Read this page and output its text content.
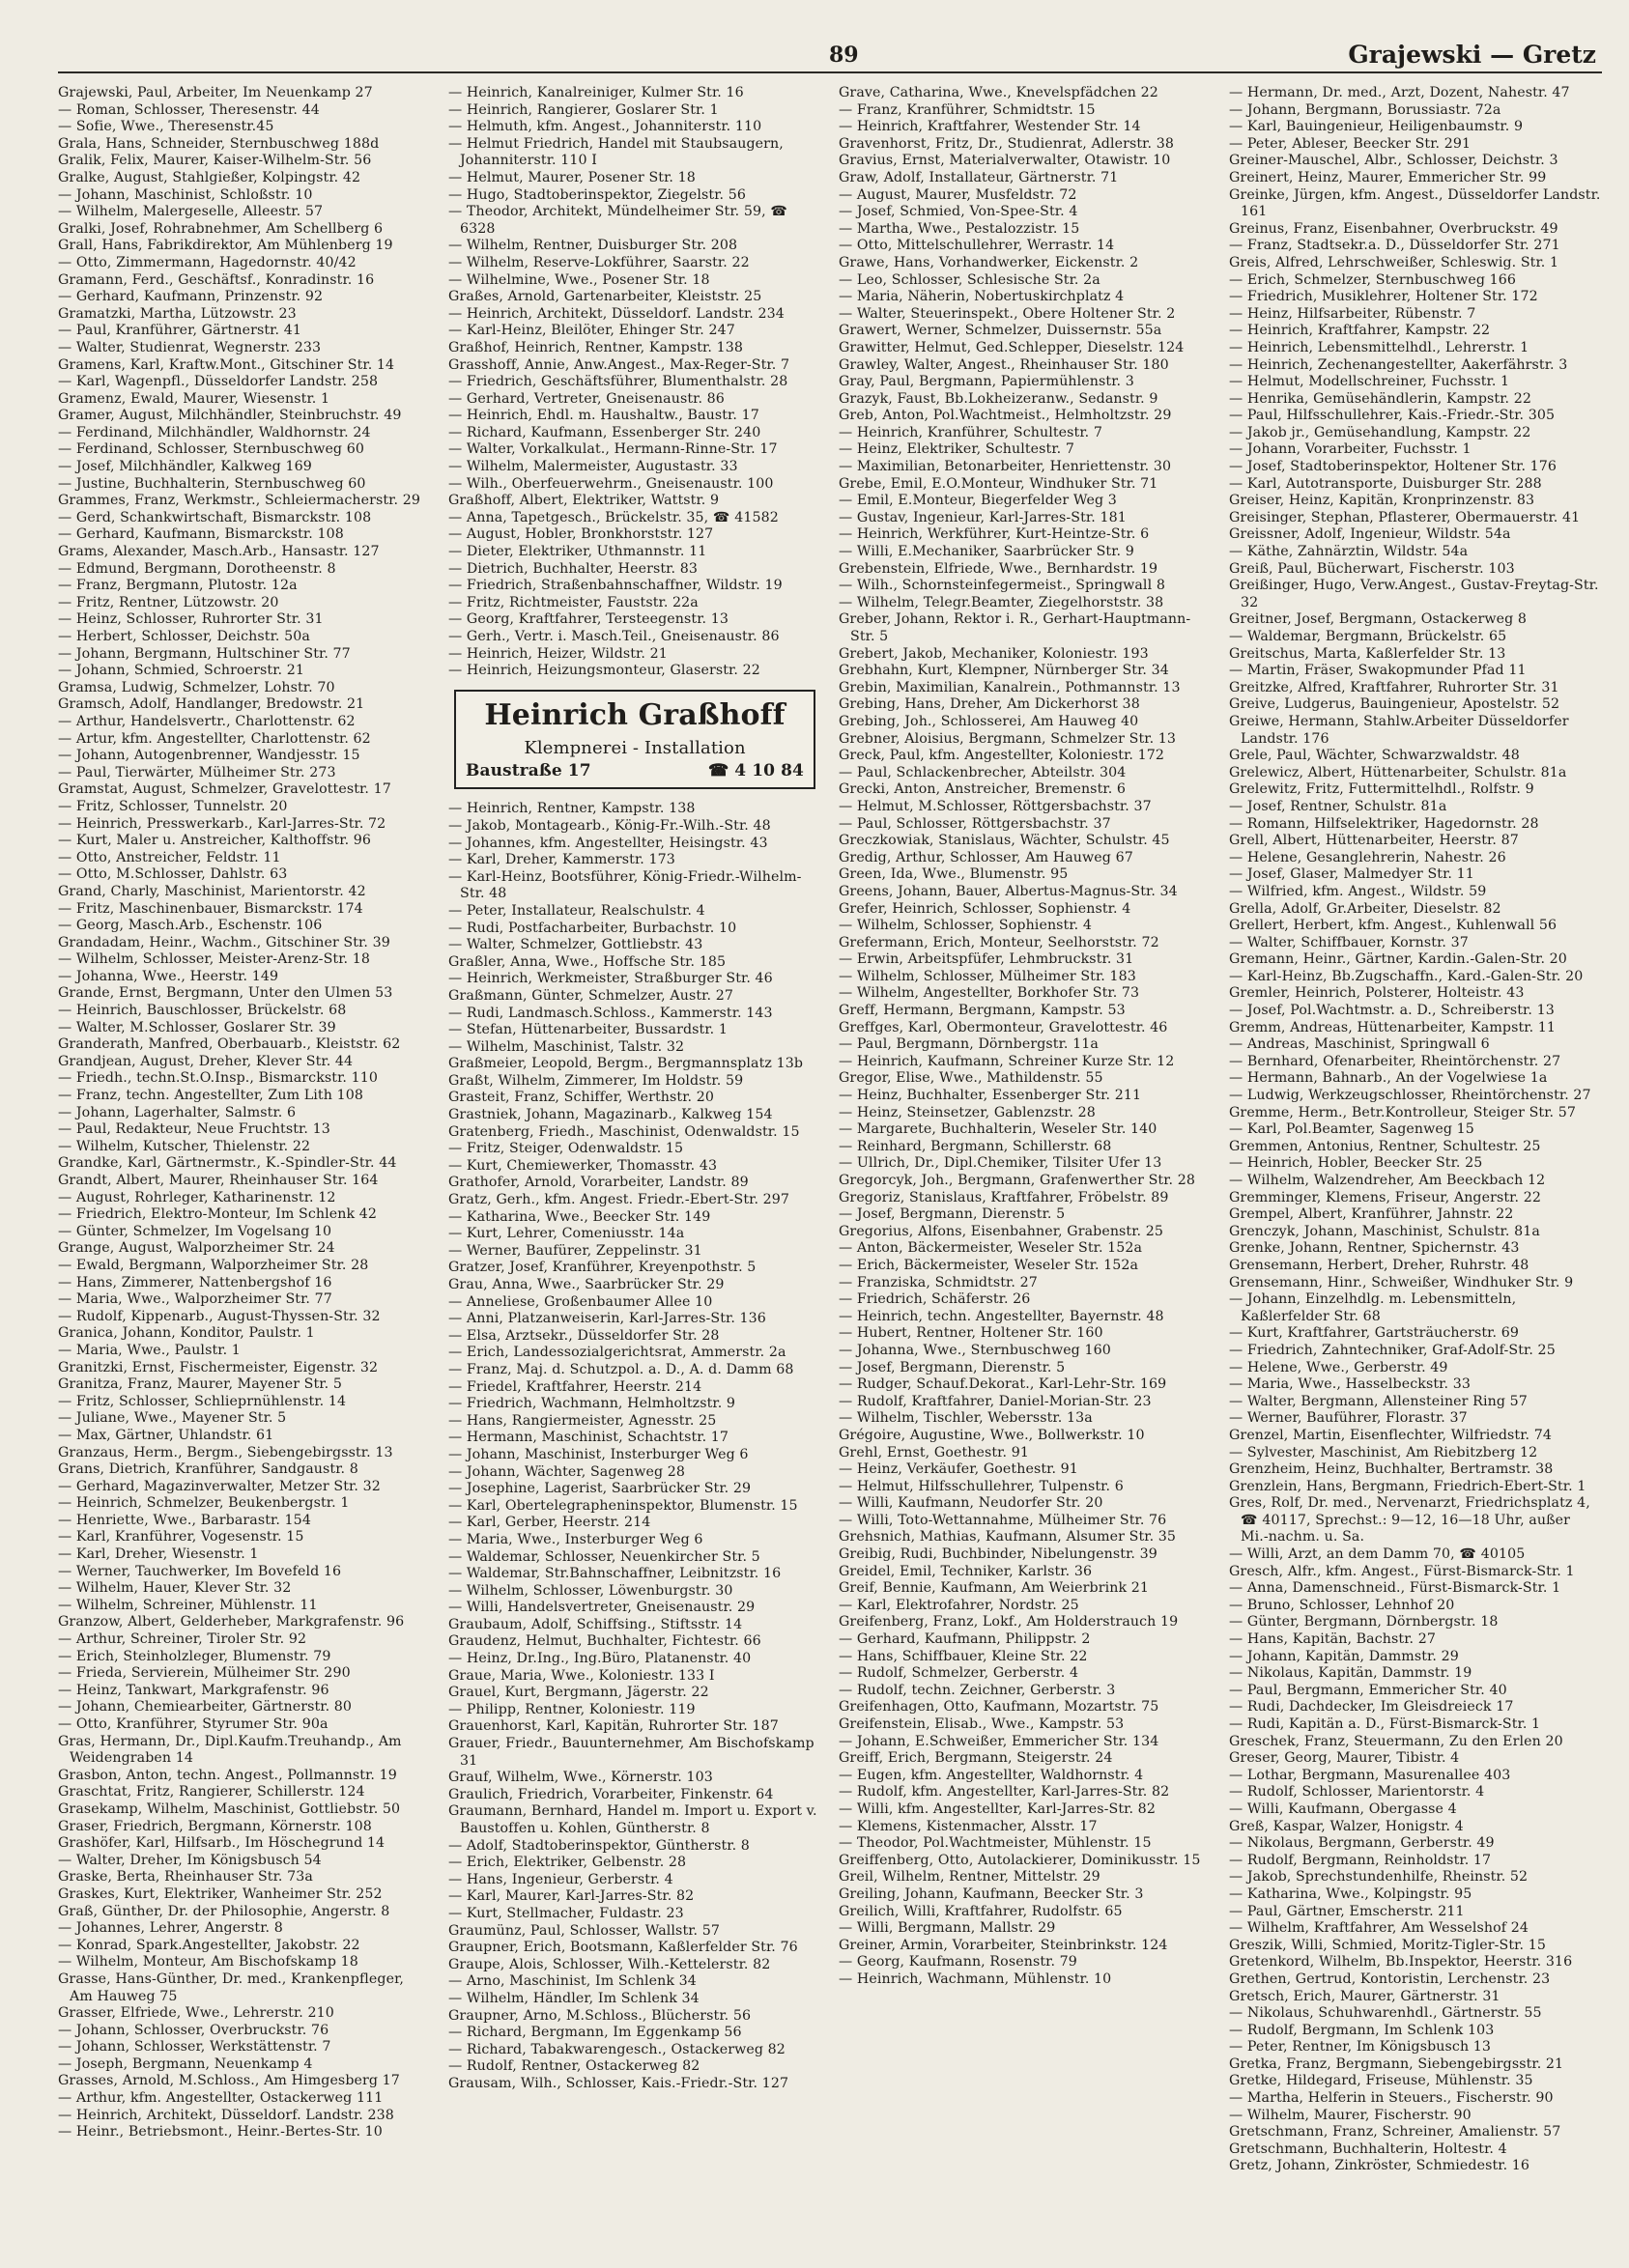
89	Grajewski — Gretz

Grajewski, Paul, Arbeiter, Im Neuenkamp 27

— Roman, Schlosser, Theresenstr. 44

— Sofie, Wwe., Theresenstr.45

Grala, Hans, Schneider, Sternbuschweg 188d

Gralik, Felix, Maurer, Kaiser-Wilhelm-Str. 56

Gralke, August, Stahlgießer, Kolpingstr. 42

— Johann, Maschinist, Schloßstr. 10

— Wilhelm, Malergeselle, Alleestr. 57

Gralki, Josef, Rohrabnehmer, Am Schellberg 6

Grall, Hans, Fabrikdirektor, Am Mühlenberg 19

— Otto, Zimmermann, Hagedornstr. 40/42

Gramann, Ferd., Geschäftsf., Konradinstr. 16

— Gerhard, Kaufmann, Prinzenstr. 92

Gramatzki, Martha, Lützowstr. 23

— Paul, Kranführer, Gärtnerstr. 41

— Walter, Studienrat, Wegnerstr. 233

Gramens, Karl, Kraftw.Mont., Gitschiner Str. 14

— Karl, Wagenpfl., Düsseldorfer Landstr. 258

Gramenz, Ewald, Maurer, Wiesenstr. 1

Gramer, August, Milchhändler, Steinbruchstr. 49

— Ferdinand, Milchhändler, Waldhornstr. 24

— Ferdinand, Schlosser, Sternbuschweg 60

— Josef, Milchhändler, Kalkweg 169

— Justine, Buchhalterin, Sternbuschweg 60

Grammes, Franz, Werkmstr., Schleiermacherstr. 29

— Gerd, Schankwirtschaft, Bismarckstr. 108

— Gerhard, Kaufmann, Bismarckstr. 108

Grams, Alexander, Masch.Arb., Hansastr. 127

— Edmund, Bergmann, Dorotheenstr. 8

— Franz, Bergmann, Plutostr. 12a

— Fritz, Rentner, Lützowstr. 20

— Heinz, Schlosser, Ruhrorter Str. 31

— Herbert, Schlosser, Deichstr. 50a

— Johann, Bergmann, Hultschiner Str. 77

— Johann, Schmied, Schroerstr. 21

Gramsa, Ludwig, Schmelzer, Lohstr. 70

Gramsch, Adolf, Handlanger, Bredowstr. 21

— Arthur, Handelsvertr., Charlottenstr. 62

— Artur, kfm. Angestellter, Charlottenstr. 62

— Johann, Autogenbrenner, Wandjesstr. 15

— Paul, Tierwärter, Mülheimer Str. 273

Gramstat, August, Schmelzer, Gravelottestr. 17

— Fritz, Schlosser, Tunnelstr. 20

— Heinrich, Presswerkarb., Karl-Jarres-Str. 72

— Kurt, Maler u. Anstreicher, Kalthoffstr. 96

— Otto, Anstreicher, Feldstr. 11

— Otto, M.Schlosser, Dahlstr. 63

Grand, Charly, Maschinist, Marientorstr. 42

— Fritz, Maschinenbauer, Bismarckstr. 174

— Georg, Masch.Arb., Eschenstr. 106

Grandadam, Heinr., Wachm., Gitschiner Str. 39

— Wilhelm, Schlosser, Meister-Arenz-Str. 18

— Johanna, Wwe., Heerstr. 149

Grande, Ernst, Bergmann, Unter den Ulmen 53

— Heinrich, Bauschlosser, Brückelstr. 68

— Walter, M.Schlosser, Goslarer Str. 39

Granderath, Manfred, Oberbauarb., Kleiststr. 62

Grandjean, August, Dreher, Klever Str. 44

— Friedh., techn.St.O.Insp., Bismarckstr. 110

— Franz, techn. Angestellter, Zum Lith 108

— Johann, Lagerhalter, Salmstr. 6

— Paul, Redakteur, Neue Fruchtstr. 13

— Wilhelm, Kutscher, Thielenstr. 22

Grandke, Karl, Gärtnermstr., K.-Spindler-Str. 44

Grandt, Albert, Maurer, Rheinhauser Str. 164

— August, Rohrleger, Katharinenstr. 12

— Friedrich, Elektro-Monteur, Im Schlenk 42

— Günter, Schmelzer, Im Vogelsang 10

Grange, August, Walporzheimer Str. 24

— Ewald, Bergmann, Walporzheimer Str. 28

— Hans, Zimmerer, Nattenbergshof 16

— Maria, Wwe., Walporzheimer Str. 77

— Rudolf, Kippenarb., August-Thyssen-Str. 32

Granica, Johann, Konditor, Paulstr. 1

— Maria, Wwe., Paulstr. 1

Granitzki, Ernst, Fischermeister, Eigenstr. 32

Granitza, Franz, Maurer, Mayener Str. 5

— Fritz, Schlosser, Schlieprnühlenstr. 14

— Juliane, Wwe., Mayener Str. 5

— Max, Gärtner, Uhlandstr. 61

Granzaus, Herm., Bergm., Siebengebirgsstr. 13

Grans, Dietrich, Kranführer, Sandgaustr. 8

— Gerhard, Magazinverwalter, Metzer Str. 32

— Heinrich, Schmelzer, Beukenbergstr. 1

— Henriette, Wwe., Barbarastr. 154

— Karl, Kranführer, Vogesenstr. 15

— Karl, Dreher, Wiesenstr. 1

— Werner, Tauchwerker, Im Bovefeld 16

— Wilhelm, Hauer, Klever Str. 32

— Wilhelm, Schreiner, Mühlenstr. 11

Granzow, Albert, Gelderheber, Markgrafenstr. 96

— Arthur, Schreiner, Tiroler Str. 92

— Erich, Steinholzleger, Blumenstr. 79

— Frieda, Servierein, Mülheimer Str. 290

— Heinz, Tankwart, Markgrafenstr. 96

— Johann, Chemiearbeiter, Gärtnerstr. 80

— Otto, Kranführer, Styrumer Str. 90a

Gras, Hermann, Dr., Dipl.Kaufm.Treuhandp., Am Weidengraben 14

Grasbon, Anton, techn. Angest., Pollmannstr. 19

Graschtat, Fritz, Rangierer, Schillerstr. 124

Grasekamp, Wilhelm, Maschinist, Gottliebstr. 50

Graser, Friedrich, Bergmann, Körnerstr. 108

Grashöfer, Karl, Hilfsarb., Im Höschegrund 14

— Walter, Dreher, Im Königsbusch 54

Graske, Berta, Rheinhauser Str. 73a

Graskes, Kurt, Elektriker, Wanheimer Str. 252

Graß, Günther, Dr. der Philosophie, Angerstr. 8

— Johannes, Lehrer, Angerstr. 8

— Konrad, Spark.Angestellter, Jakobstr. 22

— Wilhelm, Monteur, Am Bischofskamp 18

Grasse, Hans-Günther, Dr. med., Krankenpfleger, Am Hauweg 75

Grasser, Elfriede, Wwe., Lehrerstr. 210

— Johann, Schlosser, Overbruckstr. 76

— Johann, Schlosser, Werkstättenstr. 7

— Joseph, Bergmann, Neuenkamp 4

Grasses, Arnold, M.Schloss., Am Himgesberg 17

— Arthur, kfm. Angestellter, Ostackerweg 111

— Heinrich, Architekt, Düsseldorf. Landstr. 238

— Heinr., Betriebsmont., Heinr.-Bertes-Str. 10

— Heinrich, Kanalreiniger, Kulmer Str. 16

— Heinrich, Rangierer, Goslarer Str. 1

— Helmuth, kfm. Angest., Johanniterstr. 110

— Helmut Friedrich, Handel mit Staubsaugern, Johanniterstr. 110 I

— Helmut, Maurer, Posener Str. 18

— Hugo, Stadtoberinspektor, Ziegelstr. 56

— Theodor, Architekt, Mündelheimer Str. 59, ☎ 6328

— Wilhelm, Rentner, Duisburger Str. 208

— Wilhelm, Reserve-Lokführer, Saarstr. 22

— Wilhelmine, Wwe., Posener Str. 18

Graßes, Arnold, Gartenarbeiter, Kleiststr. 25

— Heinrich, Architekt, Düsseldorf. Landstr. 234

— Karl-Heinz, Bleilöter, Ehinger Str. 247

Graßhof, Heinrich, Rentner, Kampstr. 138

Grasshoff, Annie, Anw.Angest., Max-Reger-Str. 7

— Friedrich, Geschäftsführer, Blumenthalstr. 28

— Gerhard, Vertreter, Gneisenaustr. 86

— Heinrich, Ehdl. m. Haushaltw., Baustr. 17

— Richard, Kaufmann, Essenberger Str. 240

— Walter, Vorkalkulat., Hermann-Rinne-Str. 17

— Wilhelm, Malermeister, Augustastr. 33

— Wilh., Oberfeuerwehrm., Gneisenaustr. 100

Graßhoff, Albert, Elektriker, Wattstr. 9

— Anna, Tapetgesch., Brückelstr. 35, ☎ 41582

— August, Hobler, Bronkhorststr. 127

— Dieter, Elektriker, Uthmannstr. 11

— Dietrich, Buchhalter, Heerstr. 83

— Friedrich, Straßenbahnschaffner, Wildstr. 19

— Fritz, Richtmeister, Fauststr. 22a

— Georg, Kraftfahrer, Tersteegenstr. 13

— Gerh., Vertr. i. Masch.Teil., Gneisenaustr. 86

— Heinrich, Heizer, Wildstr. 21

— Heinrich, Heizungsmonteur, Glaserstr. 22

Heinrich Graßhoff
Klempnerei - Installation
Baustraße 17	☎ 4 10 84

— Heinrich, Rentner, Kampstr. 138

— Jakob, Montagearb., König-Fr.-Wilh.-Str. 48

— Johannes, kfm. Angestellter, Heisingstr. 43

— Karl, Dreher, Kammerstr. 173

— Karl-Heinz, Bootsführer, König-Friedr.-Wilhelm-Str. 48

— Peter, Installateur, Realschulstr. 4

— Rudi, Postfacharbeiter, Burbachstr. 10

— Walter, Schmelzer, Gottliebstr. 43

Graßler, Anna, Wwe., Hoffsche Str. 185

— Heinrich, Werkmeister, Straßburger Str. 46

Graßmann, Günter, Schmelzer, Austr. 27

— Rudi, Landmasch.Schloss., Kammerstr. 143

— Stefan, Hüttenarbeiter, Bussardstr. 1

— Wilhelm, Maschinist, Talstr. 32

Graßmeier, Leopold, Bergm., Bergmannsplatz 13b

Graßt, Wilhelm, Zimmerer, Im Holdstr. 59

Grasteit, Franz, Schiffer, Werthstr. 20

Grastniek, Johann, Magazinarb., Kalkweg 154

Gratenberg, Friedh., Maschinist, Odenwaldstr. 15

— Fritz, Steiger, Odenwaldstr. 15

— Kurt, Chemiewerker, Thomasstr. 43

Grathofer, Arnold, Vorarbeiter, Landstr. 89

Gratz, Gerh., kfm. Angest. Friedr.-Ebert-Str. 297

— Katharina, Wwe., Beecker Str. 149

— Kurt, Lehrer, Comeniusstr. 14a

— Werner, Baufürer, Zeppelinstr. 31

Gratzer, Josef, Kranführer, Kreyenpothstr. 5

Grau, Anna, Wwe., Saarbrücker Str. 29

— Anneliese, Großenbaumer Allee 10

— Anni, Platzanweiserin, Karl-Jarres-Str. 136

— Elsa, Arztsekr., Düsseldorfer Str. 28

— Erich, Landessozialgerichtsrat, Ammerstr. 2a

— Franz, Maj. d. Schutzpol. a. D., A. d. Damm 68

— Friedel, Kraftfahrer, Heerstr. 214

— Friedrich, Wachmann, Helmholtzstr. 9

— Hans, Rangiermeister, Agnesstr. 25

— Hermann, Maschinist, Schachtstr. 17

— Johann, Maschinist, Insterburger Weg 6

— Johann, Wächter, Sagenweg 28

— Josephine, Lagerist, Saarbrücker Str. 29

— Karl, Obertelegrapheninspektor, Blumenstr. 15

— Karl, Gerber, Heerstr. 214

— Maria, Wwe., Insterburger Weg 6

— Waldemar, Schlosser, Neuenkircher Str. 5

— Waldemar, Str.Bahnschaffner, Leibnitzstr. 16

— Wilhelm, Schlosser, Löwenburgstr. 30

— Willi, Handelsvertreter, Gneisenaustr. 29

Graubaum, Adolf, Schiffsing., Stiftsstr. 14

Graudenz, Helmut, Buchhalter, Fichtestr. 66

— Heinz, Dr.Ing., Ing.Büro, Platanenstr. 40

Graue, Maria, Wwe., Koloniestr. 133 I

Grauel, Kurt, Bergmann, Jägerstr. 22

— Philipp, Rentner, Koloniestr. 119

Grauenhorst, Karl, Kapitän, Ruhrorter Str. 187

Grauer, Friedr., Bauunternehmer, Am Bischofskamp 31

Grauf, Wilhelm, Wwe., Körnerstr. 103

Graulich, Friedrich, Vorarbeiter, Finkenstr. 64

Graumann, Bernhard, Handel m. Import u. Export v. Baustoffen u. Kohlen, Güntherstr. 8

— Adolf, Stadtoberinspektor, Güntherstr. 8

— Erich, Elektriker, Gelbenstr. 28

— Hans, Ingenieur, Gerberstr. 4

— Karl, Maurer, Karl-Jarres-Str. 82

— Kurt, Stellmacher, Fuldastr. 23

Graumünz, Paul, Schlosser, Wallstr. 57

Graupner, Erich, Bootsmann, Kaßlerfelder Str. 76

Graupe, Alois, Schlosser, Wilh.-Kettelerstr. 82

— Arno, Maschinist, Im Schlenk 34

— Wilhelm, Händler, Im Schlenk 34

Graupner, Arno, M.Schloss., Blücherstr. 56

— Richard, Bergmann, Im Eggenkamp 56

— Richard, Tabakwarengesch., Ostackerweg 82

— Rudolf, Rentner, Ostackerweg 82

Grausam, Wilh., Schlosser, Kais.-Friedr.-Str. 127

Grave, Catharina, Wwe., Knevelspfädchen 22

— Franz, Kranführer, Schmidtstr. 15

— Heinrich, Kraftfahrer, Westender Str. 14

Gravenhorst, Fritz, Dr., Studienrat, Adlerstr. 38

Gravius, Ernst, Materialverwalter, Otawistr. 10

Graw, Adolf, Installateur, Gärtnerstr. 71

— August, Maurer, Musfeldstr. 72

— Josef, Schmied, Von-Spee-Str. 4

— Martha, Wwe., Pestalozzistr. 15

— Otto, Mittelschullehrer, Werrastr. 14

Grawe, Hans, Vorhandwerker, Eickenstr. 2

— Leo, Schlosser, Schlesische Str. 2a

— Maria, Näherin, Nobertuskirchplatz 4

— Walter, Steuerinspekt., Obere Holtener Str. 2

Grawert, Werner, Schmelzer, Duissernstr. 55a

Grawitter, Helmut, Ged.Schlepper, Dieselstr. 124

Grawley, Walter, Angest., Rheinhauser Str. 180

Gray, Paul, Bergmann, Papiermühlenstr. 3

Grazyk, Faust, Bb.Lokheizeranw., Sedanstr. 9

Greb, Anton, Pol.Wachtmeist., Helmholtzstr. 29

— Heinrich, Kranführer, Schultestr. 7

— Heinz, Elektriker, Schultestr. 7

— Maximilian, Betonarbeiter, Henriettenstr. 30

Grebe, Emil, E.O.Monteur, Windhuker Str. 71

— Emil, E.Monteur, Biegerfelder Weg 3

— Gustav, Ingenieur, Karl-Jarres-Str. 181

— Heinrich, Werkführer, Kurt-Heintze-Str. 6

— Willi, E.Mechaniker, Saarbrücker Str. 9

Grebenstein, Elfriede, Wwe., Bernhardstr. 19

— Wilh., Schornsteinfegermeist., Springwall 8

— Wilhelm, Telegr.Beamter, Ziegelhorststr. 38

Greber, Johann, Rektor i. R., Gerhart-Hauptmann-Str. 5

Grebert, Jakob, Mechaniker, Koloniestr. 193

Grebhahn, Kurt, Klempner, Nürnberger Str. 34

Grebin, Maximilian, Kanalrein., Pothmannstr. 13

Grebing, Hans, Dreher, Am Dickerhorst 38

Grebing, Joh., Schlosserei, Am Hauweg 40

Grebner, Aloisius, Bergmann, Schmelzer Str. 13

Greck, Paul, kfm. Angestellter, Koloniestr. 172

— Paul, Schlackenbrecher, Abteilstr. 304

Grecki, Anton, Anstreicher, Bremenstr. 6

— Helmut, M.Schlosser, Röttgersbachstr. 37

— Paul, Schlosser, Röttgersbachstr. 37

Greczkowiak, Stanislaus, Wächter, Schulstr. 45

Gredig, Arthur, Schlosser, Am Hauweg 67

Green, Ida, Wwe., Blumenstr. 95

Greens, Johann, Bauer, Albertus-Magnus-Str. 34

Grefer, Heinrich, Schlosser, Sophienstr. 4

— Wilhelm, Schlosser, Sophienstr. 4

Grefermann, Erich, Monteur, Seelhorststr. 72

— Erwin, Arbeitspfüfer, Lehmbruckstr. 31

— Wilhelm, Schlosser, Mülheimer Str. 183

— Wilhelm, Angestellter, Borkhofer Str. 73

Greff, Hermann, Bergmann, Kampstr. 53

Greffges, Karl, Obermonteur, Gravelottestr. 46

— Paul, Bergmann, Dörnbergstr. 11a

— Heinrich, Kaufmann, Schreiner Kurze Str. 12

Gregor, Elise, Wwe., Mathildenstr. 55

— Heinz, Buchhalter, Essenberger Str. 211

— Heinz, Steinsetzer, Gablenzstr. 28

— Margarete, Buchhalterin, Weseler Str. 140

— Reinhard, Bergmann, Schillerstr. 68

— Ullrich, Dr., Dipl.Chemiker, Tilsiter Ufer 13

Gregorcyk, Joh., Bergmann, Grafenwerther Str. 28

Gregoriz, Stanislaus, Kraftfahrer, Fröbelstr. 89

— Josef, Bergmann, Dierenstr. 5

Gregorius, Alfons, Eisenbahner, Grabenstr. 25

— Anton, Bäckermeister, Weseler Str. 152a

— Erich, Bäckermeister, Weseler Str. 152a

— Franziska, Schmidtstr. 27

— Friedrich, Schäferstr. 26

— Heinrich, techn. Angestellter, Bayernstr. 48

— Hubert, Rentner, Holtener Str. 160

— Johanna, Wwe., Sternbuschweg 160

— Josef, Bergmann, Dierenstr. 5

— Rudger, Schauf.Dekorat., Karl-Lehr-Str. 169

— Rudolf, Kraftfahrer, Daniel-Morian-Str. 23

— Wilhelm, Tischler, Webersstr. 13a

Grégoire, Augustine, Wwe., Bollwerkstr. 10

Grehl, Ernst, Goethestr. 91

— Heinz, Verkäufer, Goethestr. 91

— Helmut, Hilfsschullehrer, Tulpenstr. 6

— Willi, Kaufmann, Neudorfer Str. 20

— Willi, Toto-Wettannahme, Mülheimer Str. 76

Grehsnich, Mathias, Kaufmann, Alsumer Str. 35

Greibig, Rudi, Buchbinder, Nibelungenstr. 39

Greidel, Emil, Techniker, Karlstr. 36

Greif, Bennie, Kaufmann, Am Weierbrink 21

— Karl, Elektrofahrer, Nordstr. 25

Greifenberg, Franz, Lokf., Am Holderstrauch 19

— Gerhard, Kaufmann, Philippstr. 2

— Hans, Schiffbauer, Kleine Str. 22

— Rudolf, Schmelzer, Gerberstr. 4

— Rudolf, techn. Zeichner, Gerberstr. 3

Greifenhagen, Otto, Kaufmann, Mozartstr. 75

Greifenstein, Elisab., Wwe., Kampstr. 53

— Johann, E.Schweißer, Emmericher Str. 134

Greiff, Erich, Bergmann, Steigerstr. 24

— Eugen, kfm. Angestellter, Waldhornstr. 4

— Rudolf, kfm. Angestellter, Karl-Jarres-Str. 82

— Willi, kfm. Angestellter, Karl-Jarres-Str. 82

— Klemens, Kistenmacher, Alsstr. 17

— Theodor, Pol.Wachtmeister, Mühlenstr. 15

Greiffenberg, Otto, Autolackierer, Dominikusstr. 15

Greil, Wilhelm, Rentner, Mittelstr. 29

Greiling, Johann, Kaufmann, Beecker Str. 3

Greilich, Willi, Kraftfahrer, Rudolfstr. 65

— Willi, Bergmann, Mallstr. 29

Greiner, Armin, Vorarbeiter, Steinbrinkstr. 124

— Georg, Kaufmann, Rosenstr. 79

— Heinrich, Wachmann, Mühlenstr. 10

— Hermann, Dr. med., Arzt, Dozent, Nahestr. 47

— Johann, Bergmann, Borussiastr. 72a

— Karl, Bauingenieur, Heiligenbaumstr. 9

— Peter, Ableser, Beecker Str. 291

Greiner-Mauschel, Albr., Schlosser, Deichstr. 3

Greinert, Heinz, Maurer, Emmericher Str. 99

Greinke, Jürgen, kfm. Angest., Düsseldorfer Landstr. 161

Greinus, Franz, Eisenbahner, Overbruckstr. 49

— Franz, Stadtsekr.a. D., Düsseldorfer Str. 271

Greis, Alfred, Lehrschweißer, Schleswig. Str. 1

— Erich, Schmelzer, Sternbuschweg 166

— Friedrich, Musiklehrer, Holtener Str. 172

— Heinz, Hilfsarbeiter, Rübenstr. 7

— Heinrich, Kraftfahrer, Kampstr. 22

— Heinrich, Lebensmittelhdl., Lehrerstr. 1

— Heinrich, Zechenangestellter, Aakerfährstr. 3

— Helmut, Modellschreiner, Fuchsstr. 1

— Henrika, Gemüsehändlerin, Kampstr. 22

— Paul, Hilfsschullehrer, Kais.-Friedr.-Str. 305

— Jakob jr., Gemüsehandlung, Kampstr. 22

— Johann, Vorarbeiter, Fuchsstr. 1

— Josef, Stadtoberinspektor, Holtener Str. 176

— Karl, Autotransporte, Duisburger Str. 288

Greiser, Heinz, Kapitän, Kronprinzenstr. 83

Greisinger, Stephan, Pflasterer, Obermauerstr. 41

Greissner, Adolf, Ingenieur, Wildstr. 54a

— Käthe, Zahnärztin, Wildstr. 54a

Greiß, Paul, Bücherwart, Fischerstr. 103

Greißinger, Hugo, Verw.Angest., Gustav-Freytag-Str. 32

Greitner, Josef, Bergmann, Ostackerweg 8

— Waldemar, Bergmann, Brückelstr. 65

Greitschus, Marta, Kaßlerfelder Str. 13

— Martin, Fräser, Swakopmunder Pfad 11

Greitzke, Alfred, Kraftfahrer, Ruhrorter Str. 31

Greive, Ludgerus, Bauingenieur, Apostelstr. 52

Greiwe, Hermann, Stahlw.Arbeiter Düsseldorfer Landstr. 176

Grele, Paul, Wächter, Schwarzwaldstr. 48

Grelewicz, Albert, Hüttenarbeiter, Schulstr. 81a

Grelewitz, Fritz, Futtermittelhdl., Rolfstr. 9

— Josef, Rentner, Schulstr. 81a

— Romann, Hilfselektriker, Hagedornstr. 28

Grell, Albert, Hüttenarbeiter, Heerstr. 87

— Helene, Gesanglehrerin, Nahestr. 26

— Josef, Glaser, Malmedyer Str. 11

— Wilfried, kfm. Angest., Wildstr. 59

Grella, Adolf, Gr.Arbeiter, Dieselstr. 82

Grellert, Herbert, kfm. Angest., Kuhlenwall 56

— Walter, Schiffbauer, Kornstr. 37

Gremann, Heinr., Gärtner, Kardin.-Galen-Str. 20

— Karl-Heinz, Bb.Zugschaffn., Kard.-Galen-Str. 20

Gremler, Heinrich, Polsterer, Holteistr. 43

— Josef, Pol.Wachtmstr. a. D., Schreiberstr. 13

Gremm, Andreas, Hüttenarbeiter, Kampstr. 11

— Andreas, Maschinist, Springwall 6

— Bernhard, Ofenarbeiter, Rheintörchenstr. 27

— Hermann, Bahnarb., An der Vogelwiese 1a

— Ludwig, Werkzeugschlosser, Rheintörchenstr. 27

Gremme, Herm., Betr.Kontrolleur, Steiger Str. 57

— Karl, Pol.Beamter, Sagenweg 15

Gremmen, Antonius, Rentner, Schultestr. 25

— Heinrich, Hobler, Beecker Str. 25

— Wilhelm, Walzendreher, Am Beeckbach 12

Gremminger, Klemens, Friseur, Angerstr. 22

Grempel, Albert, Kranführer, Jahnstr. 22

Grenczyk, Johann, Maschinist, Schulstr. 81a

Grenke, Johann, Rentner, Spichernstr. 43

Grensemann, Herbert, Dreher, Ruhrstr. 48

Grensemann, Hinr., Schweißer, Windhuker Str. 9

— Johann, Einzelhdlg. m. Lebensmitteln, Kaßlerfelder Str. 68

— Kurt, Kraftfahrer, Gartsträucherstr. 69

— Friedrich, Zahntechniker, Graf-Adolf-Str. 25

— Helene, Wwe., Gerberstr. 49

— Maria, Wwe., Hasselbeckstr. 33

— Walter, Bergmann, Allensteiner Ring 57

— Werner, Bauführer, Florastr. 37

Grenzel, Martin, Eisenflechter, Wilfriedstr. 74

— Sylvester, Maschinist, Am Riebitzberg 12

Grenzheim, Heinz, Buchhalter, Bertramstr. 38

Grenzlein, Hans, Bergmann, Friedrich-Ebert-Str. 1

Gres, Rolf, Dr. med., Nervenarzt, Friedrichsplatz 4, ☎ 40117, Sprechst.: 9—12, 16—18 Uhr, außer Mi.-nachm. u. Sa.

— Willi, Arzt, an dem Damm 70, ☎ 40105

Gresch, Alfr., kfm. Angest., Fürst-Bismarck-Str. 1

— Anna, Damenschneid., Fürst-Bismarck-Str. 1

— Bruno, Schlosser, Lehnhof 20

— Günter, Bergmann, Dörnbergstr. 18

— Hans, Kapitän, Bachstr. 27

— Johann, Kapitän, Dammstr. 29

— Nikolaus, Kapitän, Dammstr. 19

— Paul, Bergmann, Emmericher Str. 40

— Rudi, Dachdecker, Im Gleisdreieck 17

— Rudi, Kapitän a. D., Fürst-Bismarck-Str. 1

Greschek, Franz, Steuermann, Zu den Erlen 20

Greser, Georg, Maurer, Tibistr. 4

— Lothar, Bergmann, Masurenallee 403

— Rudolf, Schlosser, Marientorstr. 4

— Willi, Kaufmann, Obergasse 4

Greß, Kaspar, Walzer, Honigstr. 4

— Nikolaus, Bergmann, Gerberstr. 49

— Rudolf, Bergmann, Reinholdstr. 17

— Jakob, Sprechstundenhilfe, Rheinstr. 52

— Katharina, Wwe., Kolpingstr. 95

— Paul, Gärtner, Emscherstr. 211

— Wilhelm, Kraftfahrer, Am Wesselshof 24

Greszik, Willi, Schmied, Moritz-Tigler-Str. 15

Gretenkord, Wilhelm, Bb.Inspektor, Heerstr. 316

Grethen, Gertrud, Kontoristin, Lerchenstr. 23

Gretsch, Erich, Maurer, Gärtnerstr. 31

— Nikolaus, Schuhwarenhdl., Gärtnerstr. 55

— Rudolf, Bergmann, Im Schlenk 103

— Peter, Rentner, Im Königsbusch 13

Gretka, Franz, Bergmann, Siebengebirgsstr. 21

Gretke, Hildegard, Friseuse, Mühlenstr. 35

— Martha, Helferin in Steuers., Fischerstr. 90

— Wilhelm, Maurer, Fischerstr. 90

Gretschmann, Franz, Schreiner, Amalienstr. 57

Gretschmann, Buchhalterin, Holtestr. 4

Gretz, Johann, Zinkröster, Schmiedestr. 16
